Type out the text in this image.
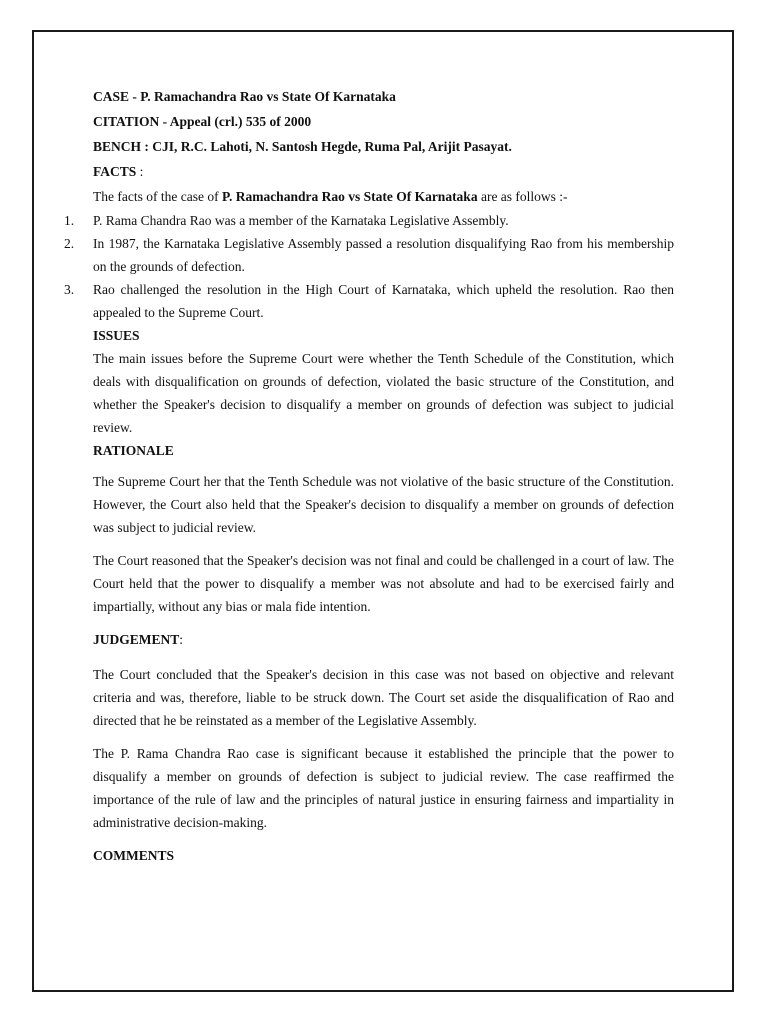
CASE - P. Ramachandra Rao vs State Of Karnataka

CITATION - Appeal (crl.) 535 of 2000

BENCH : CJI, R.C. Lahoti, N. Santosh Hegde, Ruma Pal, Arijit Pasayat.

FACTS :

The facts of the case of P. Ramachandra Rao vs State Of Karnataka are as follows :-

1. P. Rama Chandra Rao was a member of the Karnataka Legislative Assembly.
2. In 1987, the Karnataka Legislative Assembly passed a resolution disqualifying Rao from his membership on the grounds of defection.
3. Rao challenged the resolution in the High Court of Karnataka, which upheld the resolution. Rao then appealed to the Supreme Court.

ISSUES

The main issues before the Supreme Court were whether the Tenth Schedule of the Constitution, which deals with disqualification on grounds of defection, violated the basic structure of the Constitution, and whether the Speaker's decision to disqualify a member on grounds of defection was subject to judicial review.

RATIONALE

The Supreme Court her that the Tenth Schedule was not violative of the basic structure of the Constitution. However, the Court also held that the Speaker's decision to disqualify a member on grounds of defection was subject to judicial review.

The Court reasoned that the Speaker's decision was not final and could be challenged in a court of law. The Court held that the power to disqualify a member was not absolute and had to be exercised fairly and impartially, without any bias or mala fide intention.

JUDGEMENT:

The Court concluded that the Speaker's decision in this case was not based on objective and relevant criteria and was, therefore, liable to be struck down. The Court set aside the disqualification of Rao and directed that he be reinstated as a member of the Legislative Assembly.

The P. Rama Chandra Rao case is significant because it established the principle that the power to disqualify a member on grounds of defection is subject to judicial review. The case reaffirmed the importance of the rule of law and the principles of natural justice in ensuring fairness and impartiality in administrative decision-making.

COMMENTS
